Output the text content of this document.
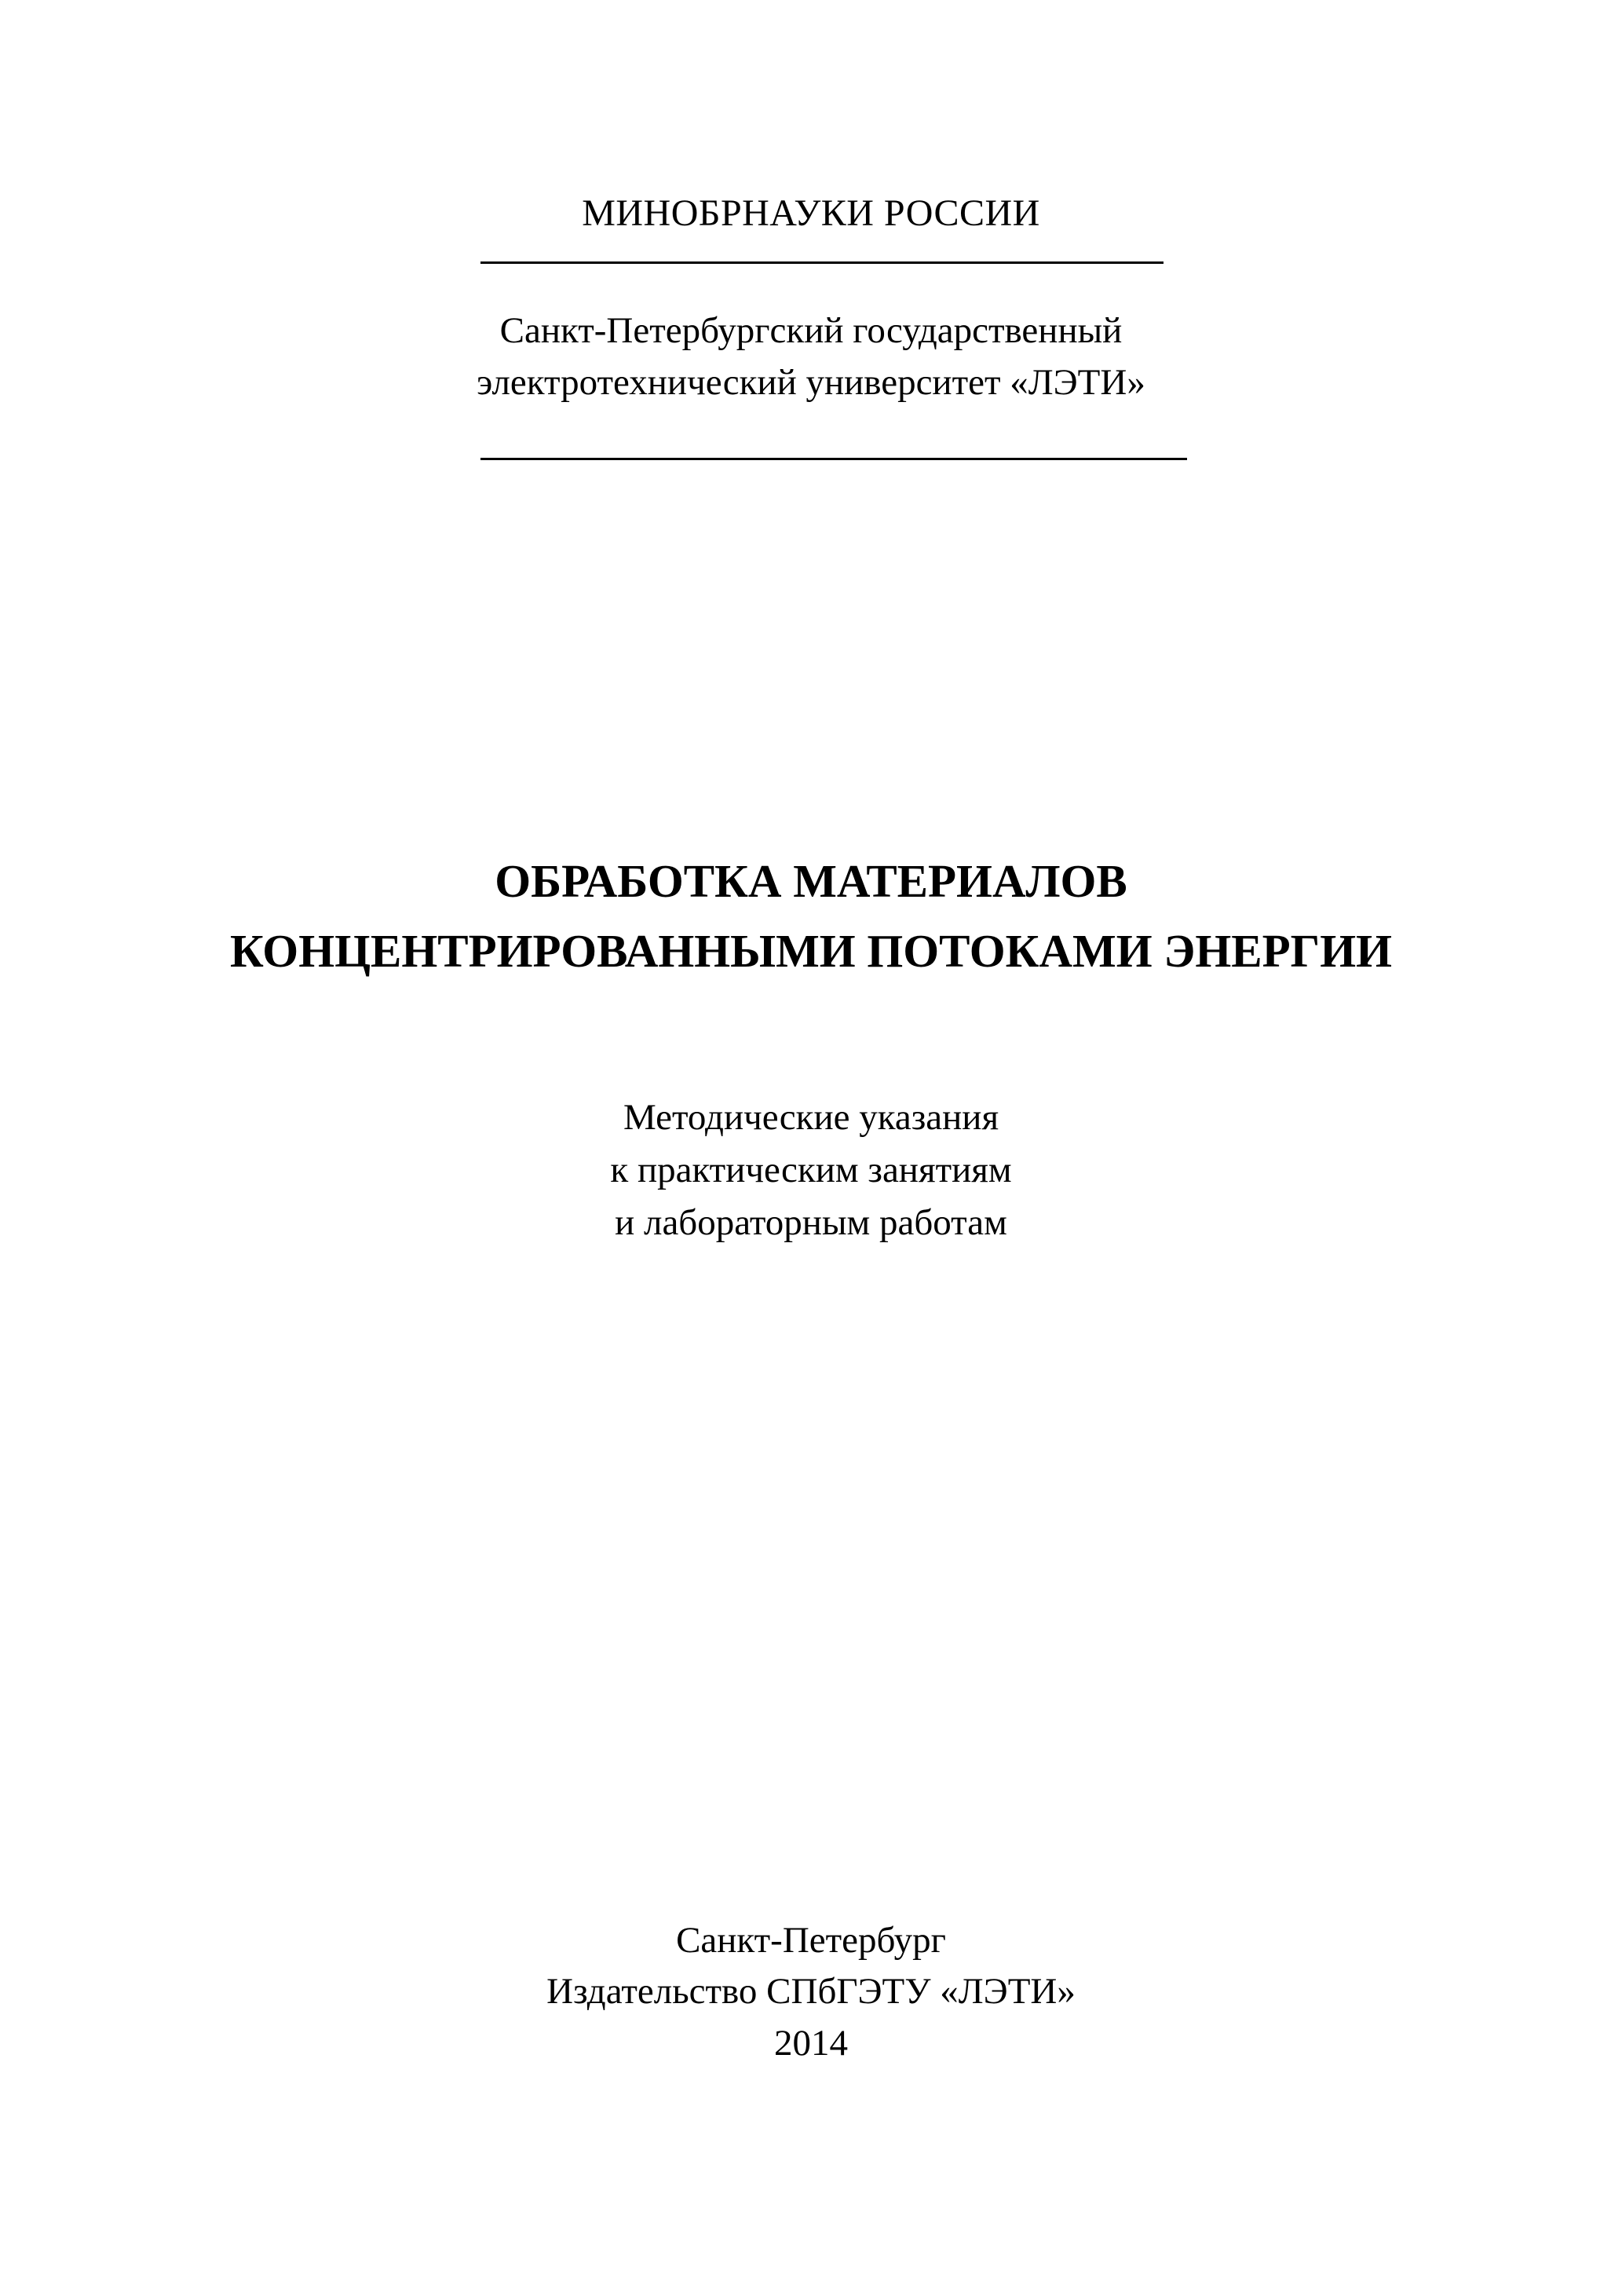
МИНОБРНАУКИ РОССИИ
Санкт-Петербургский государственный
электротехнический университет «ЛЭТИ»
ОБРАБОТКА МАТЕРИАЛОВ
КОНЦЕНТРИРОВАННЫМИ ПОТОКАМИ ЭНЕРГИИ
Методические указания
к практическим занятиям
и лабораторным работам
Санкт-Петербург
Издательство СПбГЭТУ «ЛЭТИ»
2014
